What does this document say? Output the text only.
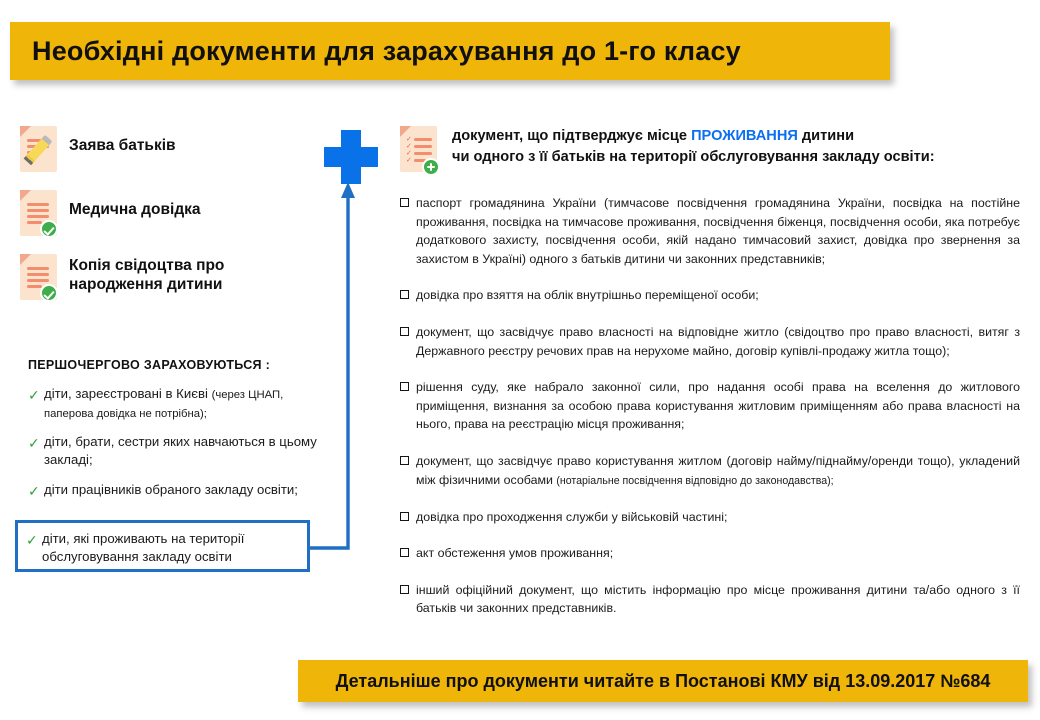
Необхідні документи для зарахування до 1-го класу
Заява батьків
Медична довідка
Копія свідоцтва про народження дитини
ПЕРШОЧЕРГОВО ЗАРАХОВУЮТЬСЯ :
✓ діти, зареєстровані в Києві (через ЦНАП, паперова довідка не потрібна);
✓ діти, брати, сестри яких навчаються в цьому закладі;
✓ діти працівників обраного закладу освіти;
✓ діти, які проживають на території обслуговування закладу освіти
✓
✓
✓
✓
документ, що підтверджує місце ПРОЖИВАННЯ дитини
чи одного з її батьків на території обслуговування закладу освіти:
паспорт громадянина України (тимчасове посвідчення громадянина України, посвідка на постійне проживання, посвідка на тимчасове проживання, посвідчення біженця, посвідчення особи, яка потребує додаткового захисту, посвідчення особи, якій надано тимчасовий захист, довідка про звернення за захистом в Україні) одного з батьків дитини чи законних представників;
довідка про взяття на облік внутрішньо переміщеної особи;
документ, що засвідчує право власності на відповідне житло (свідоцтво про право власності, витяг з Державного реєстру речових прав на нерухоме майно, договір купівлі-продажу житла тощо);
рішення суду, яке набрало законної сили, про надання особі права на вселення до житлового приміщення, визнання за особою права користування житловим приміщенням або права власності на нього, права на реєстрацію місця проживання;
документ, що засвідчує право користування житлом (договір найму/піднайму/оренди тощо), укладений між фізичними особами (нотаріальне посвідчення відповідно до законодавства);
довідка про проходження служби у військовій частині;
акт обстеження умов проживання;
інший офіційний документ, що містить інформацію про місце проживання дитини та/або одного з її батьків чи законних представників.
Детальніше про документи читайте в Постанові КМУ від 13.09.2017 №684
